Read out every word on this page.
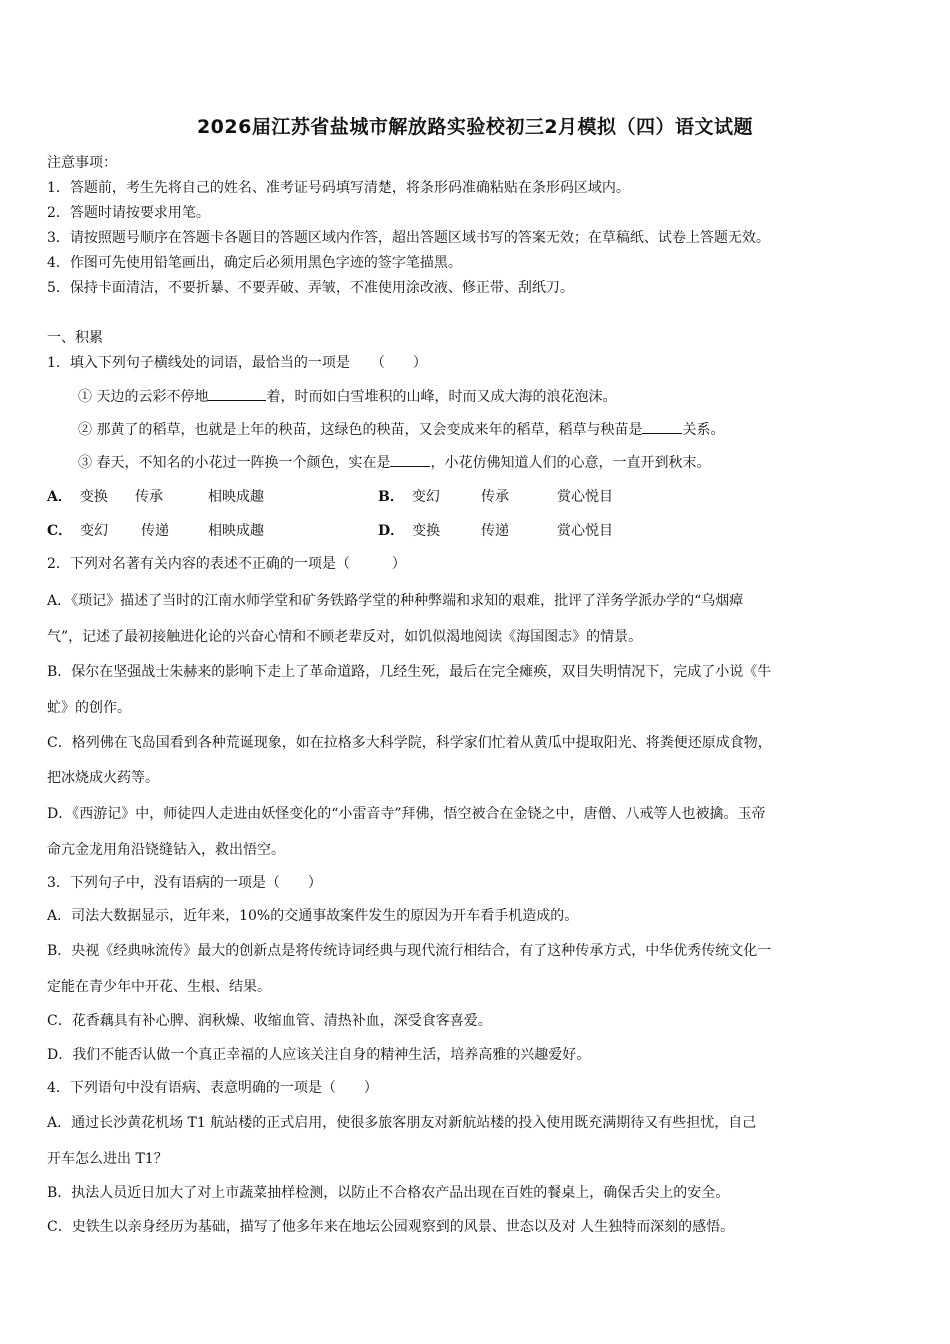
2026届江苏省盐城市解放路实验校初三2月模拟（四）语文试题
注意事项：
1．答题前，考生先将自己的姓名、准考证号码填写清楚，将条形码准确粘贴在条形码区域内。
2．答题时请按要求用笔。
3．请按照题号顺序在答题卡各题目的答题区域内作答，超出答题区域书写的答案无效；在草稿纸、试卷上答题无效。
4．作图可先使用铅笔画出，确定后必须用黑色字迹的签字笔描黑。
5．保持卡面清洁，不要折暴、不要弄破、弄皱，不准使用涂改液、修正带、刮纸刀。
一、积累
1．填入下列句子横线处的词语，最恰当的一项是　　（　　）
① 天边的云彩不停地	着，时而如白雪堆积的山峰，时而又成大海的浪花泡沫。
② 那黄了的稻草，也就是上年的秧苗，这绿色的秧苗，又会变成来年的稻草，稻草与秧苗是	关系。
③ 春天，不知名的小花过一阵换一个颜色，实在是	，小花仿佛知道人们的心意，一直开到秋末。
A． 变换 传承	相映成趣	B． 变幻	传承	赏心悦目
C． 变幻 传递	相映成趣	D． 变换	传递	赏心悦目
2．下列对名著有关内容的表述不正确的一项是（　　　）
A．《琐记》描述了当时的江南水师学堂和矿务铁路学堂的种种弊端和求知的艰难，批评了洋务学派办学的“乌烟瘴
气”，记述了最初接触进化论的兴奋心情和不顾老辈反对，如饥似渴地阅读《海国图志》的情景。
B．保尔在坚强战士朱赫来的影响下走上了革命道路，几经生死，最后在完全瘫痪，双目失明情况下，完成了小说《牛
虻》的创作。
C．格列佛在飞岛国看到各种荒诞现象，如在拉格多大科学院，科学家们忙着从黄瓜中提取阳光、将粪便还原成食物，
把冰烧成火药等。
D．《西游记》中，师徒四人走进由妖怪变化的“小雷音寺”拜佛，悟空被合在金铙之中，唐僧、八戒等人也被擒。玉帝
命亢金龙用角沿铙缝钻入，救出悟空。
3．下列句子中，没有语病的一项是（　　）
A．司法大数据显示，近年来，10%的交通事故案件发生的原因为开车看手机造成的。
B．央视《经典咏流传》最大的创新点是将传统诗词经典与现代流行相结合，有了这种传承方式，中华优秀传统文化一
定能在青少年中开花、生根、结果。
C．花香藕具有补心脾、润秋燥、收缩血管、清热补血，深受食客喜爱。
D．我们不能否认做一个真正幸福的人应该关注自身的精神生活，培养高雅的兴趣爱好。
4．下列语句中没有语病、表意明确的一项是（　　）
A．通过长沙黄花机场 T1 航站楼的正式启用，使很多旅客朋友对新航站楼的投入使用既充满期待又有些担忧，自己
开车怎么进出 T1？
B．执法人员近日加大了对上市蔬菜抽样检测，以防止不合格农产品出现在百姓的餐桌上，确保舌尖上的安全。
C．史铁生以亲身经历为基础，描写了他多年来在地坛公园观察到的风景、世态以及对 人生独特而深刻的感悟。
